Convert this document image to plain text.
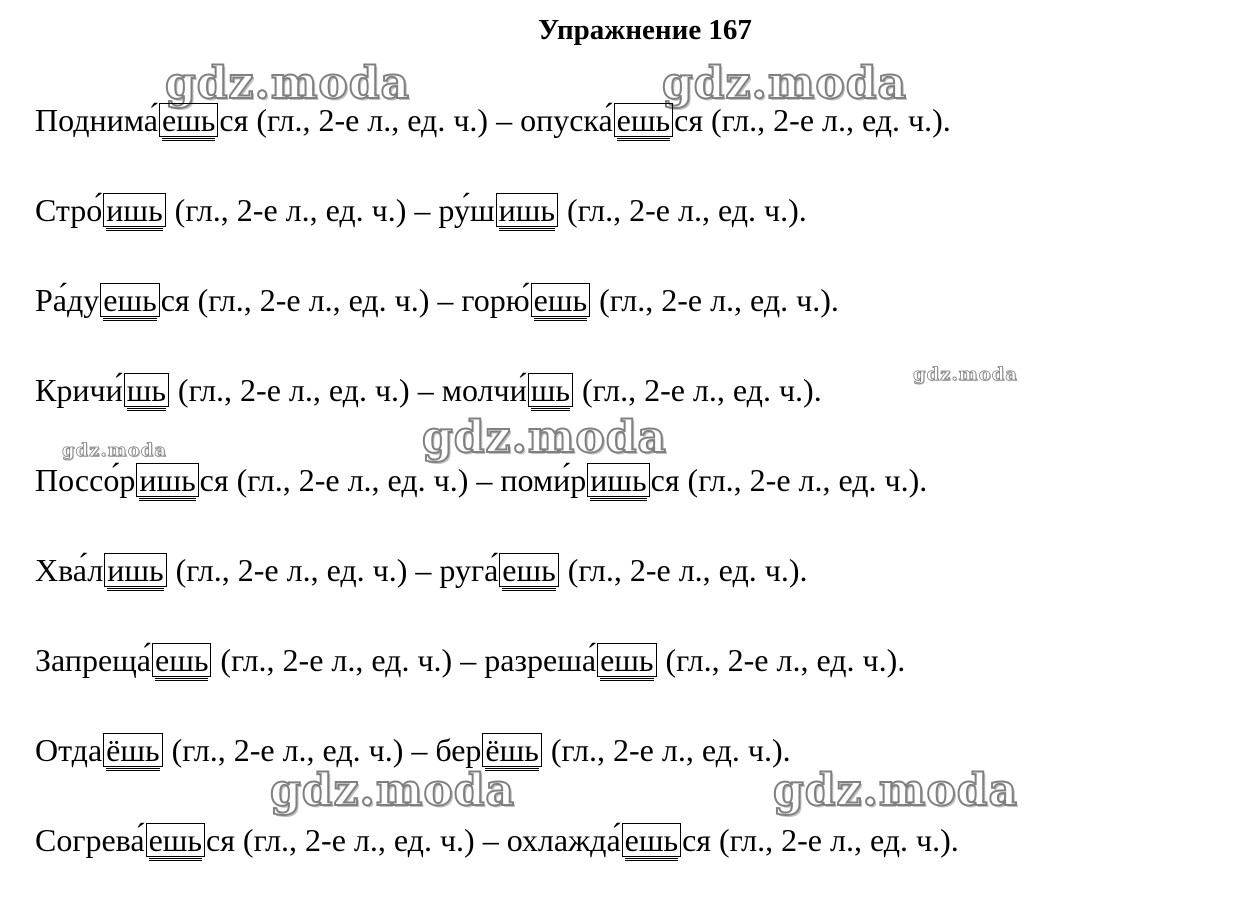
Упражнение 167
gdz.moda	gdz.moda
gdz.moda
gdz.moda	gdz.moda
gdz.moda	gdz.moda
Поднима́ ешь ся (гл., 2-е л., ед. ч.) – опуска́ ешь ся (гл., 2-е л., ед. ч.).
Стро́ ишь (гл., 2-е л., ед. ч.) – ру́ш ишь (гл., 2-е л., ед. ч.).
Ра́ду ешь ся (гл., 2-е л., ед. ч.) – горю́ ешь (гл., 2-е л., ед. ч.).
Кричи́ шь (гл., 2-е л., ед. ч.) – молчи́ шь (гл., 2-е л., ед. ч.).
Поссо́р ишь ся (гл., 2-е л., ед. ч.) – поми́р ишь ся (гл., 2-е л., ед. ч.).
Хва́л ишь (гл., 2-е л., ед. ч.) – руга́ ешь (гл., 2-е л., ед. ч.).
Запреща́ ешь (гл., 2-е л., ед. ч.) – разреша́ ешь (гл., 2-е л., ед. ч.).
Отда ёшь (гл., 2-е л., ед. ч.) – бер ёшь (гл., 2-е л., ед. ч.).
Согрева́ ешь ся (гл., 2-е л., ед. ч.) – охлажда́ ешь ся (гл., 2-е л., ед. ч.).
